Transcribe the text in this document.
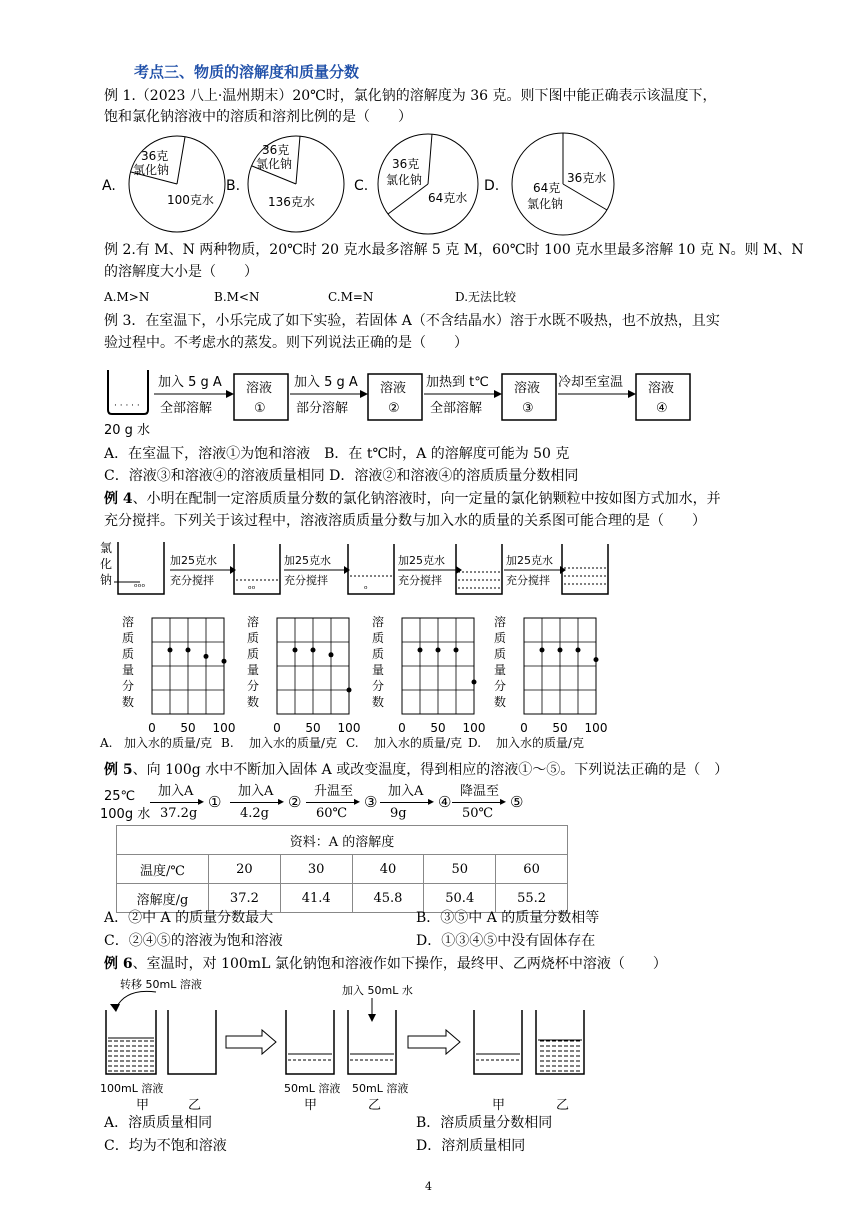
考点三、物质的溶解度和质量分数
例 1.（2023 八上·温州期末）20℃时，氯化钠的溶解度为 36 克。则下图中能正确表示该温度下，
饱和氯化钠溶液中的溶质和溶剂比例的是（　　）
A.
36克
氯化钠
100克水
B.
36克
氯化钠
136克水
C.
36克
氯化钠
64克水
D.	36克水
64克
氯化钠
例 2.有 M、N 两种物质，20℃时 20 克水最多溶解 5 克 M，60℃时 100 克水里最多溶解 10 克 N。则 M、N
的溶解度大小是（　　）
A.M>N	B.M<N	C.M=N	D.无法比较
例 3．在室温下，小乐完成了如下实验，若固体 A（不含结晶水）溶于水既不吸热，也不放热，且实
验过程中。不考虑水的蒸发。则下列说法正确的是（　　）
· · · · ·
20 g 水
加入 5 g A
全部溶解
溶液
①
加入 5 g A
部分溶解
溶液
②
加热到 t℃
全部溶解
溶液
③
冷却至室温 溶液
④
A．在室温下，溶液①为饱和溶液　B．在 t℃时，A 的溶解度可能为 50 克
C．溶液③和溶液④的溶液质量相同 D．溶液②和溶液④的溶质质量分数相同
例 4、小明在配制一定溶质质量分数的氯化钠溶液时，向一定量的氯化钠颗粒中按如图方式加水，并
充分搅拌。下列关于该过程中，溶液溶质质量分数与加入水的质量的关系图可能合理的是（　　）
氯
化
钠
ᵒᵒᵒ
加25克水
充分搅拌
ᵒᵒ
加25克水
充分搅拌
ᵒ
加25克水
充分搅拌
加25克水
充分搅拌
溶
质
质
量
分
数
0 50 100
A. 加入水的质量/克
溶
质
质
量
分
数
0 50 100
B. 加入水的质量/克
溶
质
质
量
分
数
0 50 100
C. 加入水的质量/克
溶
质
质
量
分
数
0 50 100
D. 加入水的质量/克
例 5、向 100g 水中不断加入固体 A 或改变温度，得到相应的溶液①～⑤。下列说法正确的是（　）
25℃
100g 水
加入A
▸
37.2g
①
加入A
▸
4.2g
②
升温至
▸
60℃
③
加入A
▸
9g
④
降温至
▸
50℃
⑤
资料：A 的溶解度					
温度/℃	20	30	40	50	60
溶解度/g	37.2	41.4	45.8	50.4	55.2
A．②中 A 的质量分数最大	B．③⑤中 A 的质量分数相等
C．②④⑤的溶液为饱和溶液	D．①③④⑤中没有固体存在
例 6、室温时，对 100mL 氯化钠饱和溶液作如下操作，最终甲、乙两烧杯中溶液（　　）
转移 50mL 溶液
100mL 溶液
甲	乙
50mL 溶液 50mL 溶液
加入 50mL 水
甲	乙	甲	乙
A．溶质质量相同	B．溶质质量分数相同
C．均为不饱和溶液	D．溶剂质量相同
4
